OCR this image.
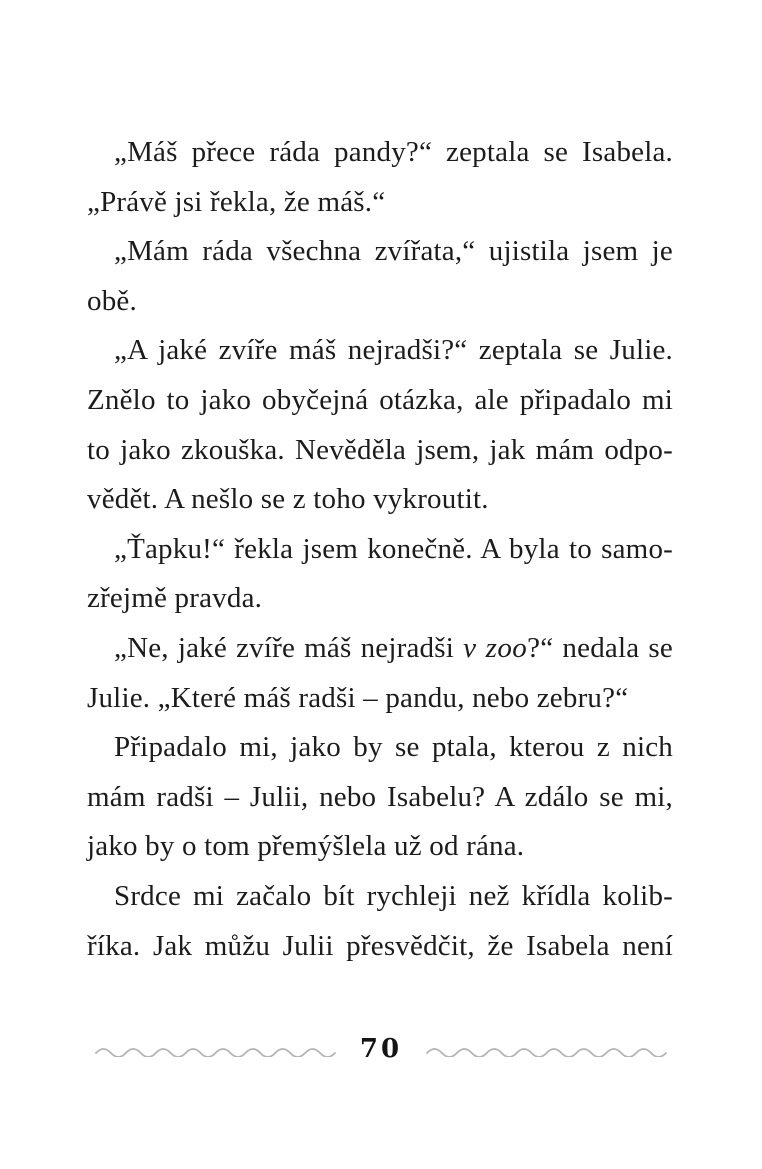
„Máš přece ráda pandy?“ zeptala se Isabela.
„Právě jsi řekla, že máš.“
„Mám ráda všechna zvířata,“ ujistila jsem je
obě.
„A jaké zvíře máš nejradši?“ zeptala se Julie.
Znělo to jako obyčejná otázka, ale připadalo mi
to jako zkouška. Nevěděla jsem, jak mám odpo-
vědět. A nešlo se z toho vykroutit.
„Ťapku!“ řekla jsem konečně. A byla to samo-
zřejmě pravda.
„Ne, jaké zvíře máš nejradši v zoo?“ nedala se
Julie. „Které máš radši – pandu, nebo zebru?“
Připadalo mi, jako by se ptala, kterou z nich
mám radši – Julii, nebo Isabelu? A zdálo se mi,
jako by o tom přemýšlela už od rána.
Srdce mi začalo bít rychleji než křídla kolib-
říka. Jak můžu Julii přesvědčit, že Isabela není
70
